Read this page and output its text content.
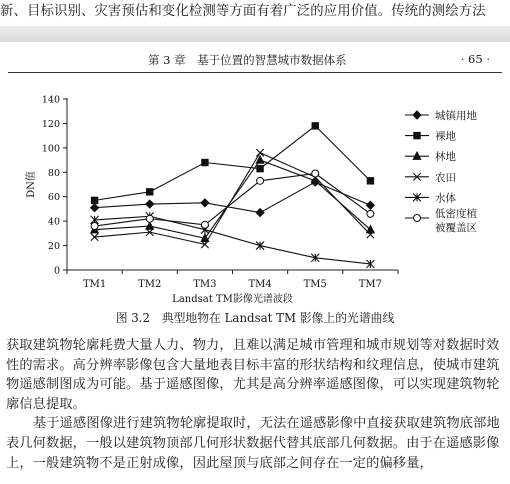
新、目标识别、灾害预估和变化检测等方面有着广泛的应用价值。传统的测绘方法
第 3 章　基于位置的智慧城市数据体系	· 65 ·
0
20
40
60
80
100
120
140
TM1	TM2	TM3	TM4	TM5	TM7
Landsat TM影像光谱波段
DN值
城镇用地
裸地
林地
农田
水体
低密度植
被覆盖区
图 3.2　典型地物在 Landsat TM 影像上的光谱曲线

获取建筑物轮廓耗费大量人力、物力，且难以满足城市管理和城市规划等对数据时效性的需求。高分辨率影像包含大量地表目标丰富的形状结构和纹理信息，使城市建筑物遥感制图成为可能。基于遥感图像，尤其是高分辨率遥感图像，可以实现建筑物轮廓信息提取。

基于遥感图像进行建筑物轮廓提取时，无法在遥感影像中直接获取建筑物底部地表几何数据，一般以建筑物顶部几何形状数据代替其底部几何数据。由于在遥感影像上，一般建筑物不是正射成像，因此屋顶与底部之间存在一定的偏移量，
